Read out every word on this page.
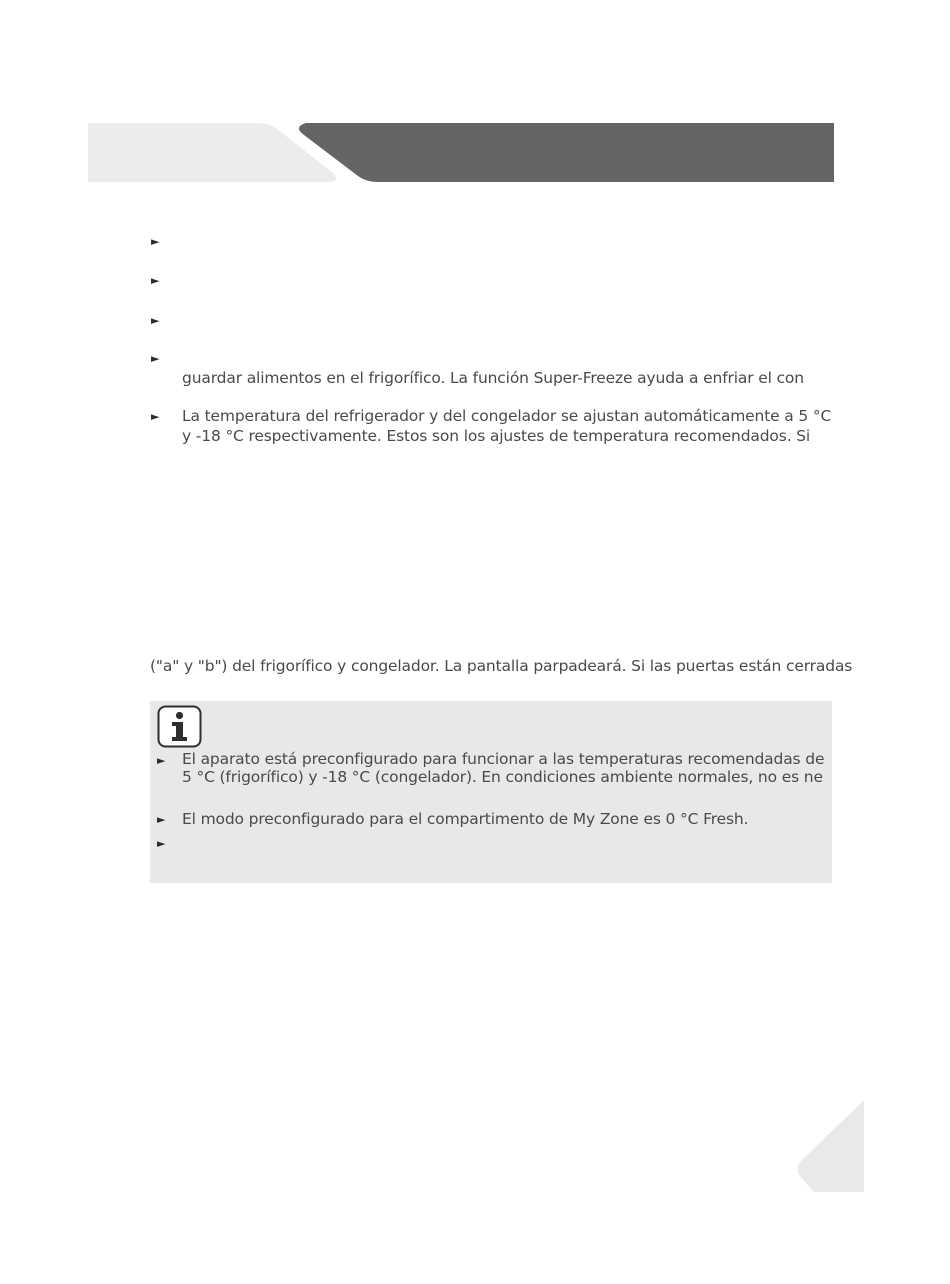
►
►
►
►
guardar alimentos en el frigorífico. La función Super-Freeze ayuda a enfriar el con
► La temperatura del refrigerador y del congelador se ajustan automáticamente a 5 °C
y -18 °C respectivamente. Estos son los ajustes de temperatura recomendados. Si
("a" y "b") del frigorífico y congelador. La pantalla parpadeará. Si las puertas están cerradas
► El aparato está preconfigurado para funcionar a las temperaturas recomendadas de
5 °C (frigorífico) y -18 °C (congelador). En condiciones ambiente normales, no es ne
► El modo preconfigurado para el compartimento de My Zone es 0 °C Fresh.
►
